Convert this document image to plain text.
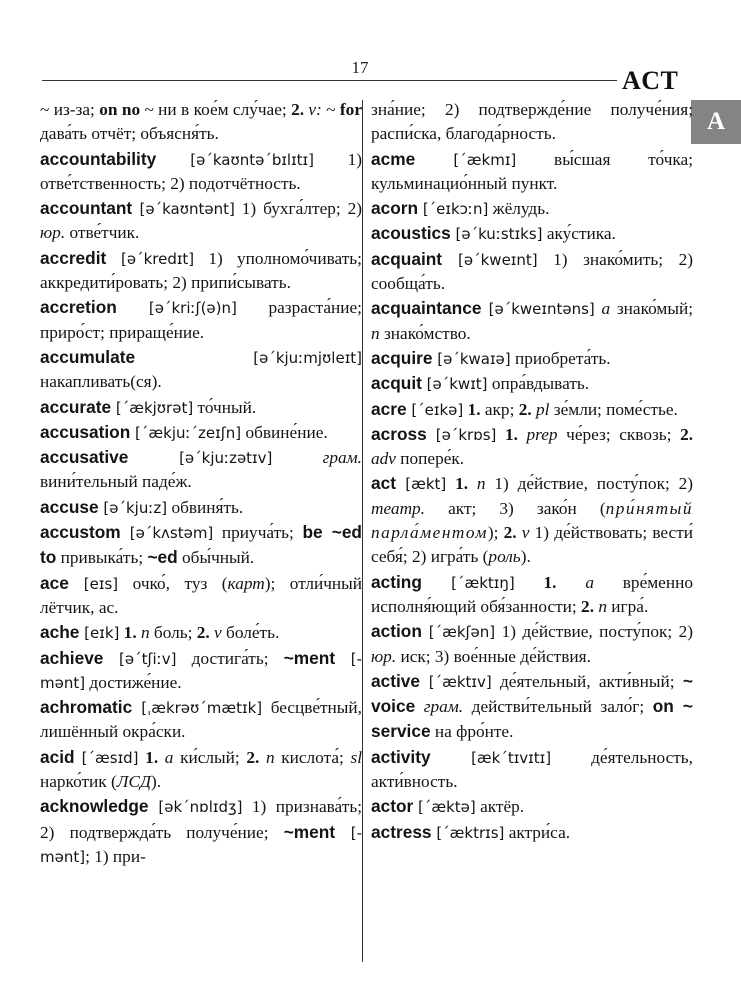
17	ACT
A
~ из-за; on no ~ ни в кое́м слу́чае; 2. v: ~ for дава́ть отчёт; объясня́ть.
accountability [ə´kaʊntə´bɪlɪtɪ] 1) отве́тственность; 2) подотчётность.
accountant [ə´kaʊntənt] 1) бухга́лтер; 2) юр. отве́тчик.
accredit [ə´kredɪt] 1) уполномо́чивать; аккредити́ровать; 2) припи́сывать.
accretion [ə´kriːʃ(ə)n] разраста́ние; приро́ст; прираще́ние.
accumulate [ə´kjuːmjʊleɪt] накапливать(ся).
accurate [´ækjʊrət] то́чный.
accusation [´ækjuː´zeɪʃn] обвине́ние.
accusative [ə´kjuːzətɪv] грам. вини́тельный паде́ж.
accuse [ə´kjuːz] обвиня́ть.
accustom [ə´kʌstəm] приуча́ть; be ~ed to привыка́ть; ~ed обы́чный.
ace [eɪs] очко́, туз (карт); отли́чный лётчик, ас.
ache [eɪk] 1. n боль; 2. v боле́ть.
achieve [ə´tʃiːv] достига́ть; ~ment [-mənt] достиже́ние.
achromatic [ˌækrəʊ´mætɪk] бесцве́тный, лишённый окра́ски.
acid [´æsɪd] 1. a ки́слый; 2. n кислота́; sl нарко́тик (ЛСД).
acknowledge [ək´nɒlɪdʒ] 1) признава́ть; 2) подтвержда́ть получе́ние; ~ment [-mənt]; 1) при-
зна́ние; 2) подтвержде́ние получе́ния; распи́ска, благода́рность.
acme [´ækmɪ] вы́сшая то́чка; кульминацио́нный пункт.
acorn [´eɪkɔːn] жёлудь.
acoustics [ə´kuːstɪks] аку́стика.
acquaint [ə´kweɪnt] 1) знако́мить; 2) сообща́ть.
acquaintance [ə´kweɪntəns] a знако́мый; n знако́мство.
acquire [ə´kwaɪə] приобрета́ть.
acquit [ə´kwɪt] опра́вдывать.
acre [´eɪkə] 1. акр; 2. pl зе́мли; поме́стье.
across [ə´krɒs] 1. prep че́рез; сквозь; 2. adv попере́к.
act [ækt] 1. n 1) де́йствие, посту́пок; 2) театр. акт; 3) зако́н (при́нятый парла́ментом); 2. v 1) де́йствовать; вести́ себя́; 2) игра́ть (роль).
acting [´æktɪŋ] 1. a вре́менно исполня́ющий обя́занности; 2. n игра́.
action [´ækʃən] 1) де́йствие, посту́пок; 2) юр. иск; 3) вое́нные де́йствия.
active [´æktɪv] де́ятельный, акти́вный; ~ voice грам. действи́тельный зало́г; on ~ service на фро́нте.
activity [æk´tɪvɪtɪ] де́ятельность, акти́вность.
actor [´æktə] актёр.
actress [´æktrɪs] актри́са.
